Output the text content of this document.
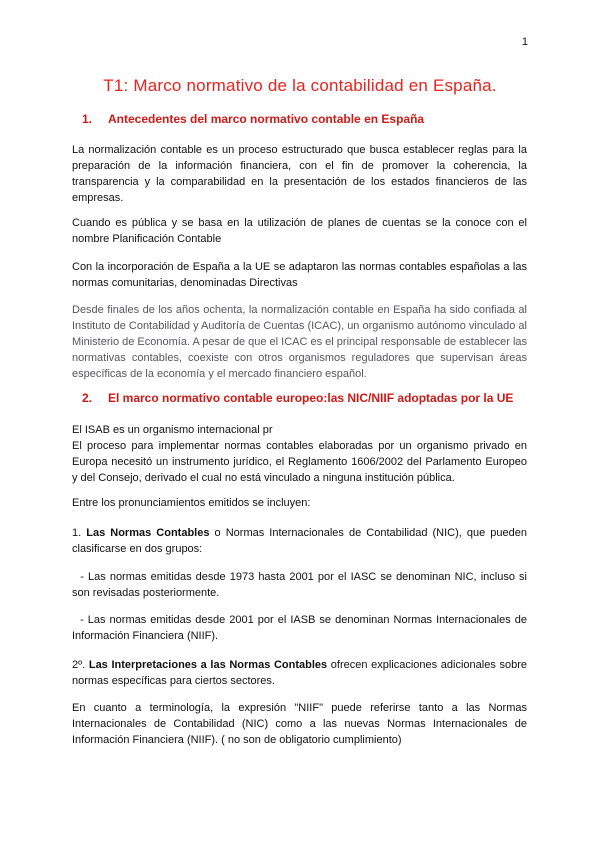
1
T1: Marco normativo de la contabilidad en España.
1. Antecedentes del marco normativo contable en España

La normalización contable es un proceso estructurado que busca establecer reglas para la preparación de la información financiera, con el fin de promover la coherencia, la transparencia y la comparabilidad en la presentación de los estados financieros de las empresas.

Cuando es pública y se basa en la utilización de planes de cuentas se la conoce con el nombre Planificación Contable

Con la incorporación de España a la UE se adaptaron las normas contables españolas a las normas comunitarias, denominadas Directivas

Desde finales de los años ochenta, la normalización contable en España ha sido confiada al Instituto de Contabilidad y Auditoría de Cuentas (ICAC), un organismo autónomo vinculado al Ministerio de Economía. A pesar de que el ICAC es el principal responsable de establecer las normativas contables, coexiste con otros organismos reguladores que supervisan áreas específicas de la economía y el mercado financiero español.

2. El marco normativo contable europeo:las NIC/NIIF adoptadas por la UE

El ISAB es un organismo internacional pr
El proceso para implementar normas contables elaboradas por un organismo privado en Europa necesitó un instrumento jurídico, el Reglamento 1606/2002 del Parlamento Europeo y del Consejo, derivado el cual no está vinculado a ninguna institución pública.

Entre los pronunciamientos emitidos se incluyen:

1. Las Normas Contables o Normas Internacionales de Contabilidad (NIC), que pueden clasificarse en dos grupos:

- Las normas emitidas desde 1973 hasta 2001 por el IASC se denominan NIC, incluso si son revisadas posteriormente.

- Las normas emitidas desde 2001 por el IASB se denominan Normas Internacionales de Información Financiera (NIIF).

2º. Las Interpretaciones a las Normas Contables ofrecen explicaciones adicionales sobre normas específicas para ciertos sectores.

En cuanto a terminología, la expresión "NIIF" puede referirse tanto a las Normas Internacionales de Contabilidad (NIC) como a las nuevas Normas Internacionales de Información Financiera (NIIF). ( no son de obligatorio cumplimiento)
